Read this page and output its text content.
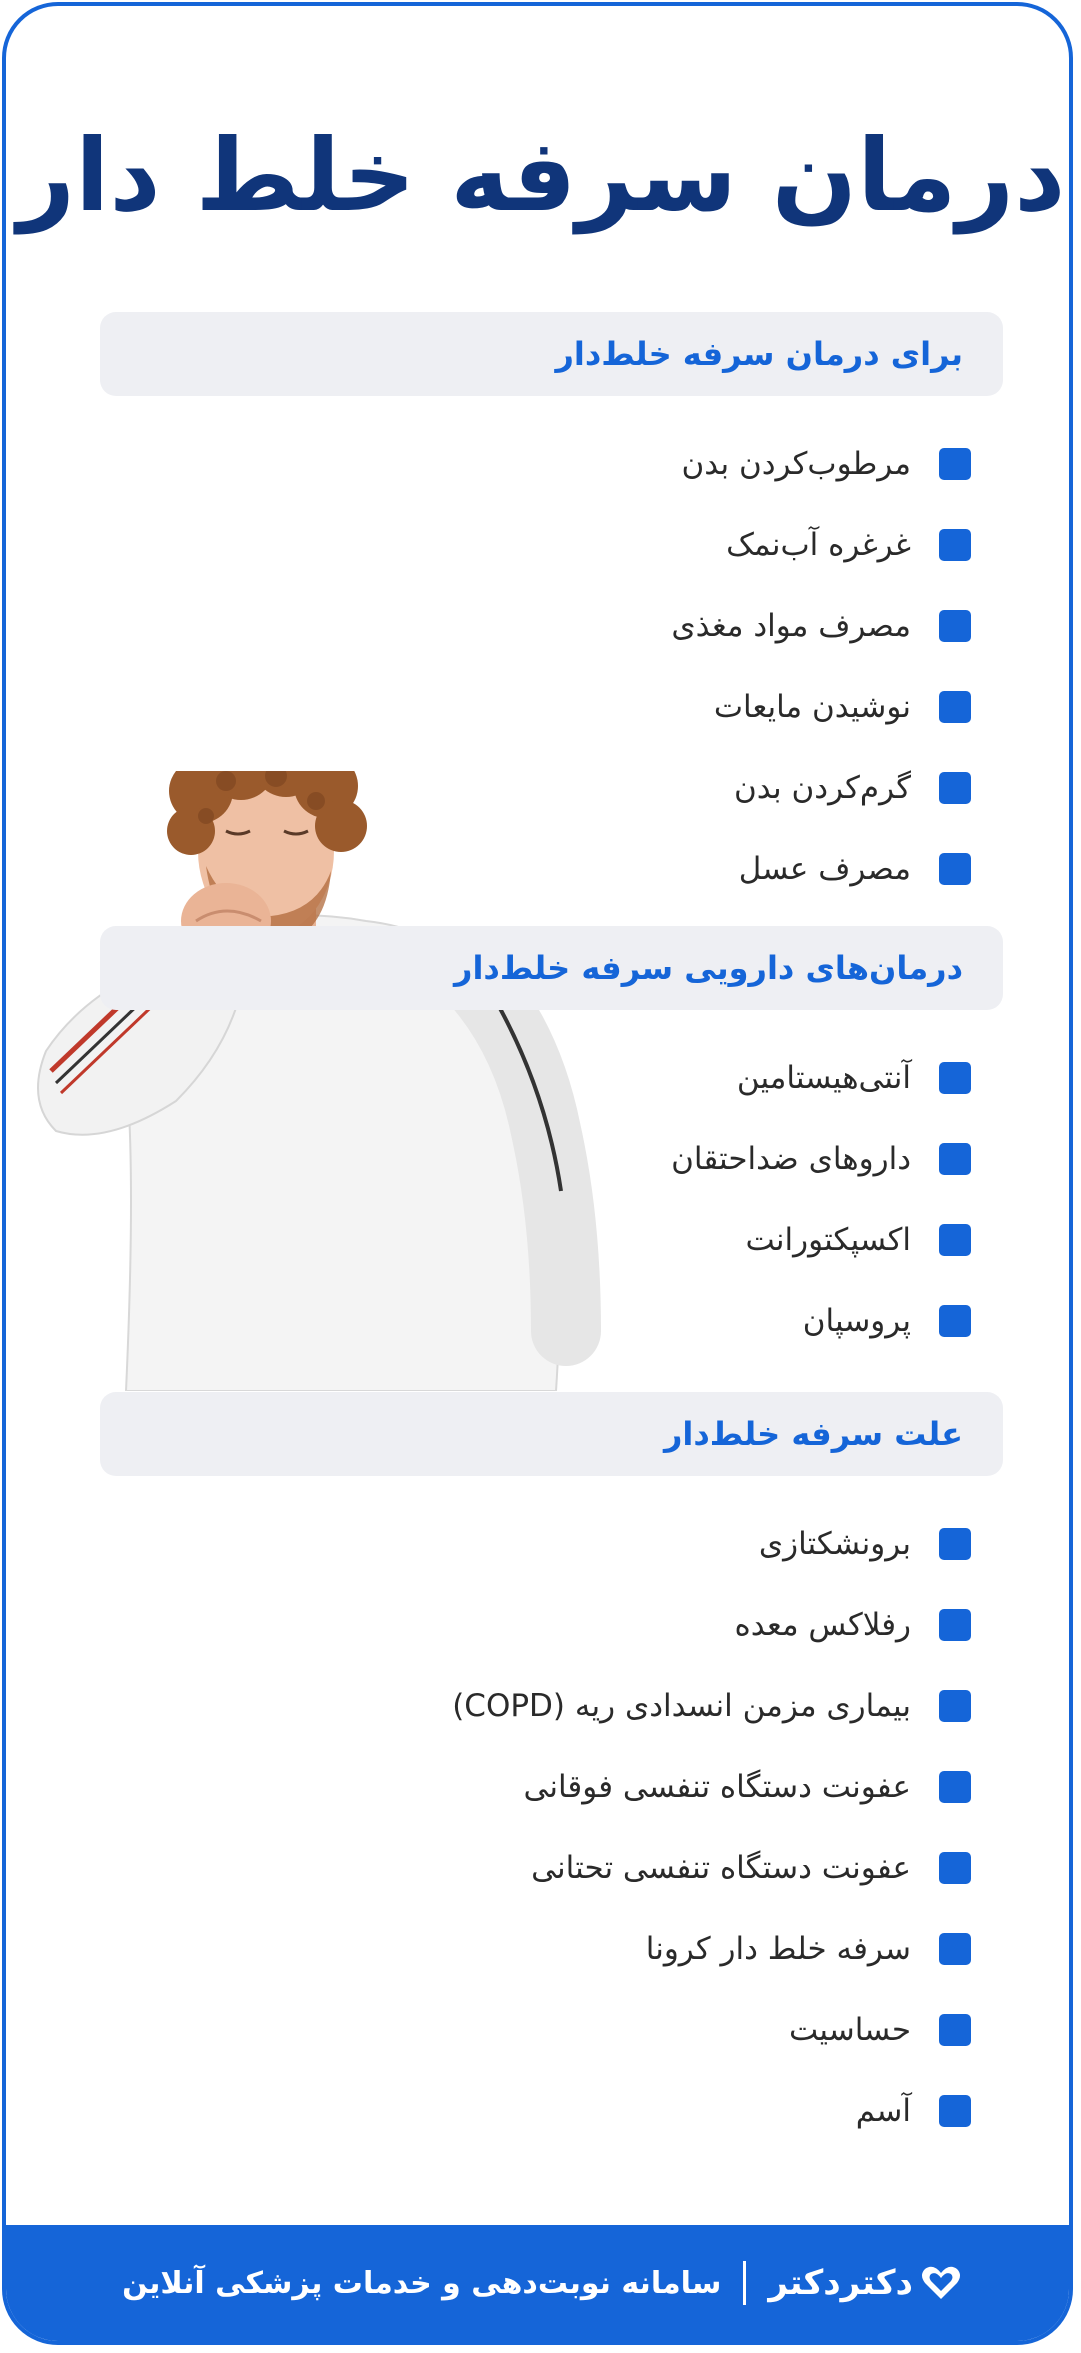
درمان سرفه خلط دار
برای درمان سرفه خلط‌دار
مرطوب‌کردن بدن
غرغره آب‌نمک
مصرف مواد مغذی
نوشیدن مایعات
گرم‌کردن بدن
مصرف عسل
درمان‌های دارویی سرفه خلط‌دار
آنتی‌هیستامین
داروهای ضداحتقان
اکسپکتورانت
پروسپان
علت سرفه خلط‌دار
برونشکتازی
رفلاکس معده
بیماری مزمن انسدادی ریه (COPD)
عفونت دستگاه تنفسی فوقانی
عفونت دستگاه تنفسی تحتانی
سرفه خلط دار کرونا
حساسیت
آسم
دکتردکتر
سامانه نوبت‌دهی و خدمات پزشکی آنلاین
